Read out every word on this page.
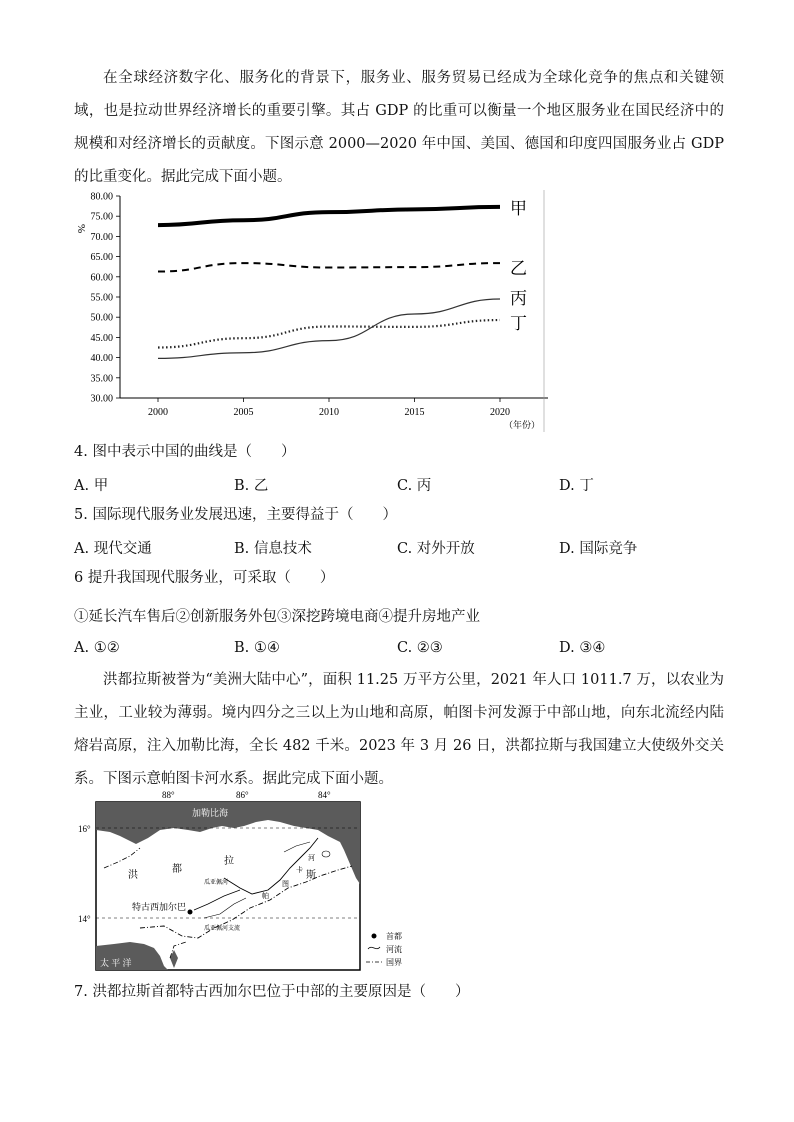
在全球经济数字化、服务化的背景下，服务业、服务贸易已经成为全球化竞争的焦点和关键领域，也是拉动世界经济增长的重要引擎。其占 GDP 的比重可以衡量一个地区服务业在国民经济中的规模和对经济增长的贡献度。下图示意 2000—2020 年中国、美国、德国和印度四国服务业占 GDP 的比重变化。据此完成下面小题。
30.00
35.00
40.00
45.00
50.00
55.00
60.00
65.00
70.00
75.00
80.00
2000	2005	2010	2015	2020
%
（年份）
甲
乙
丙
丁
4. 图中表示中国的曲线是（　　）
A. 甲	B. 乙	C. 丙	D. 丁
5. 国际现代服务业发展迅速，主要得益于（　　）
A. 现代交通	B. 信息技术	C. 对外开放	D. 国际竞争
6 提升我国现代服务业，可采取（　　）
①延长汽车售后②创新服务外包③深挖跨境电商④提升房地产业
A. ①②	B. ①④	C. ②③	D. ③④
洪都拉斯被誉为“美洲大陆中心”，面积 11.25 万平方公里，2021 年人口 1011.7 万，以农业为主业，工业较为薄弱。境内四分之三以上为山地和高原，帕图卡河发源于中部山地，向东北流经内陆熔岩高原，注入加勒比海，全长 482 千米。2023 年 3 月 26 日，洪都拉斯与我国建立大使级外交关系。下图示意帕图卡河水系。据此完成下面小题。
88°	86°	84°
16°
14°
加勒比海
太 平 洋
洪
都
拉
斯
瓜亚佩河
帕
图
卡
河
瓜亚佩河支流
特古西加尔巴
首都
河流
国界
7. 洪都拉斯首都特古西加尔巴位于中部的主要原因是（　　）
